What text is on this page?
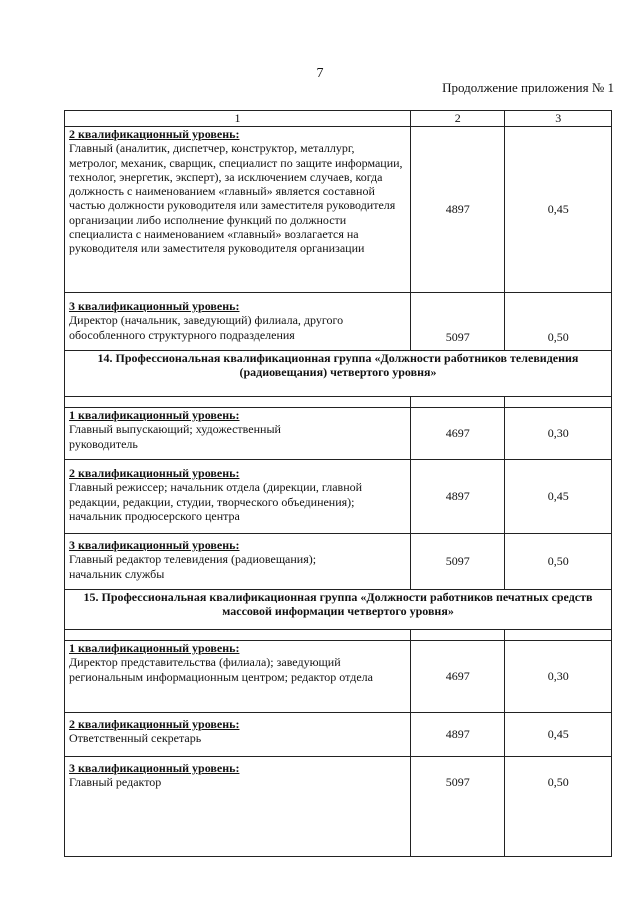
7
Продолжение приложения № 1
1	2	3

2 квалификационный уровень:
Главный (аналитик, диспетчер, конструктор, металлург, метролог, механик, сварщик, специалист по защите информации, технолог, энергетик, эксперт), за исключением случаев, когда должность с наименованием «главный» является составной частью должности руководителя или заместителя руководителя организации либо исполнение функций по должности специалиста с наименованием «главный» возлагается на руководителя или заместителя руководителя организации	4897	0,45

3 квалификационный уровень:
Директор (начальник, заведующий) филиала, другого обособленного структурного подразделения	5097	0,50
14. Профессиональная квалификационная группа «Должности работников телевидения (радиовещания) четвертого уровня»		

1 квалификационный уровень:
Главный выпускающий; художественный руководитель	4697	0,30

2 квалификационный уровень:
Главный режиссер; начальник отдела (дирекции, главной редакции, редакции, студии, творческого объединения); начальник продюсерского центра	4897	0,45

3 квалификационный уровень:
Главный редактор телевидения (радиовещания); начальник службы	5097	0,50
15. Профессиональная квалификационная группа «Должности работников печатных средств массовой информации четвертого уровня»		

1 квалификационный уровень:
Директор представительства (филиала); заведующий региональным информационным центром; редактор отдела	4697	0,30

2 квалификационный уровень:
Ответственный секретарь	4897	0,45

3 квалификационный уровень:
Главный редактор	5097	0,50
